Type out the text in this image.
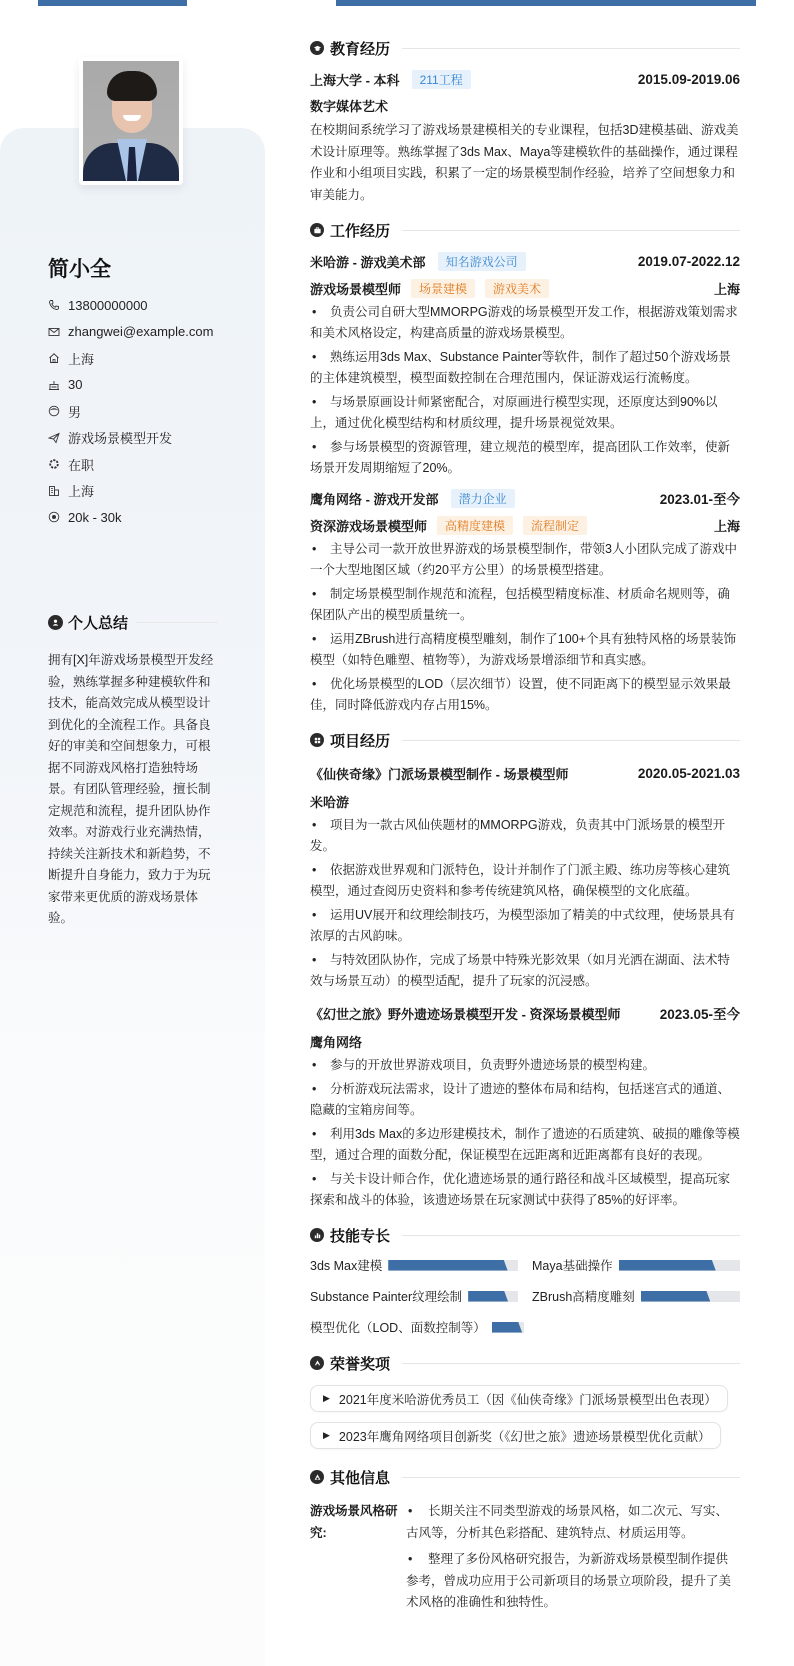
简小全
13800000000
zhangwei@example.com
上海
30
男
游戏场景模型开发
在职
上海
20k - 30k
个人总结
拥有[X]年游戏场景模型开发经验，熟练掌握多种建模软件和技术，能高效完成从模型设计到优化的全流程工作。具备良好的审美和空间想象力，可根据不同游戏风格打造独特场景。有团队管理经验，擅长制定规范和流程，提升团队协作效率。对游戏行业充满热情，持续关注新技术和新趋势，不断提升自身能力，致力于为玩家带来更优质的游戏场景体验。
教育经历
上海大学 - 本科	211工程	2015.09-2019.06
数字媒体艺术

在校期间系统学习了游戏场景建模相关的专业课程，包括3D建模基础、游戏美术设计原理等。熟练掌握了3ds Max、Maya等建模软件的基础操作，通过课程作业和小组项目实践，积累了一定的场景模型制作经验，培养了空间想象力和审美能力。

工作经历
米哈游 - 游戏美术部	知名游戏公司	2019.07-2022.12
游戏场景模型师	场景建模	游戏美术	上海
• 负责公司自研大型MMORPG游戏的场景模型开发工作，根据游戏策划需求和美术风格设定，构建高质量的游戏场景模型。
• 熟练运用3ds Max、Substance Painter等软件，制作了超过50个游戏场景的主体建筑模型，模型面数控制在合理范围内，保证游戏运行流畅度。
• 与场景原画设计师紧密配合，对原画进行模型实现，还原度达到90%以上，通过优化模型结构和材质纹理，提升场景视觉效果。
• 参与场景模型的资源管理，建立规范的模型库，提高团队工作效率，使新场景开发周期缩短了20%。
鹰角网络 - 游戏开发部	潜力企业	2023.01-至今
资深游戏场景模型师	高精度建模	流程制定	上海
• 主导公司一款开放世界游戏的场景模型制作，带领3人小团队完成了游戏中一个大型地图区域（约20平方公里）的场景模型搭建。
• 制定场景模型制作规范和流程，包括模型精度标准、材质命名规则等，确保团队产出的模型质量统一。
• 运用ZBrush进行高精度模型雕刻，制作了100+个具有独特风格的场景装饰模型（如特色雕塑、植物等），为游戏场景增添细节和真实感。
• 优化场景模型的LOD（层次细节）设置，使不同距离下的模型显示效果最佳，同时降低游戏内存占用15%。
项目经历
《仙侠奇缘》门派场景模型制作 - 场景模型师	2020.05-2021.03
米哈游
• 项目为一款古风仙侠题材的MMORPG游戏，负责其中门派场景的模型开发。
• 依据游戏世界观和门派特色，设计并制作了门派主殿、练功房等核心建筑模型，通过查阅历史资料和参考传统建筑风格，确保模型的文化底蕴。
• 运用UV展开和纹理绘制技巧，为模型添加了精美的中式纹理，使场景具有浓厚的古风韵味。
• 与特效团队协作，完成了场景中特殊光影效果（如月光洒在湖面、法术特效与场景互动）的模型适配，提升了玩家的沉浸感。
《幻世之旅》野外遗迹场景模型开发 - 资深场景模型师	2023.05-至今
鹰角网络
• 参与的开放世界游戏项目，负责野外遗迹场景的模型构建。
• 分析游戏玩法需求，设计了遗迹的整体布局和结构，包括迷宫式的通道、隐藏的宝箱房间等。
• 利用3ds Max的多边形建模技术，制作了遗迹的石质建筑、破损的雕像等模型，通过合理的面数分配，保证模型在远距离和近距离都有良好的表现。
• 与关卡设计师合作，优化遗迹场景的通行路径和战斗区域模型，提高玩家探索和战斗的体验，该遗迹场景在玩家测试中获得了85%的好评率。
技能专长
3ds Max建模	Maya基础操作
Substance Painter纹理绘制	ZBrush高精度雕刻
模型优化（LOD、面数控制等）
荣誉奖项
▶ 2021年度米哈游优秀员工（因《仙侠奇缘》门派场景模型出色表现）
▶ 2023年鹰角网络项目创新奖（《幻世之旅》遗迹场景模型优化贡献）
其他信息
游戏场景风格研究:
• 长期关注不同类型游戏的场景风格，如二次元、写实、古风等，分析其色彩搭配、建筑特点、材质运用等。
• 整理了多份风格研究报告，为新游戏场景模型制作提供参考，曾成功应用于公司新项目的场景立项阶段，提升了美术风格的准确性和独特性。
